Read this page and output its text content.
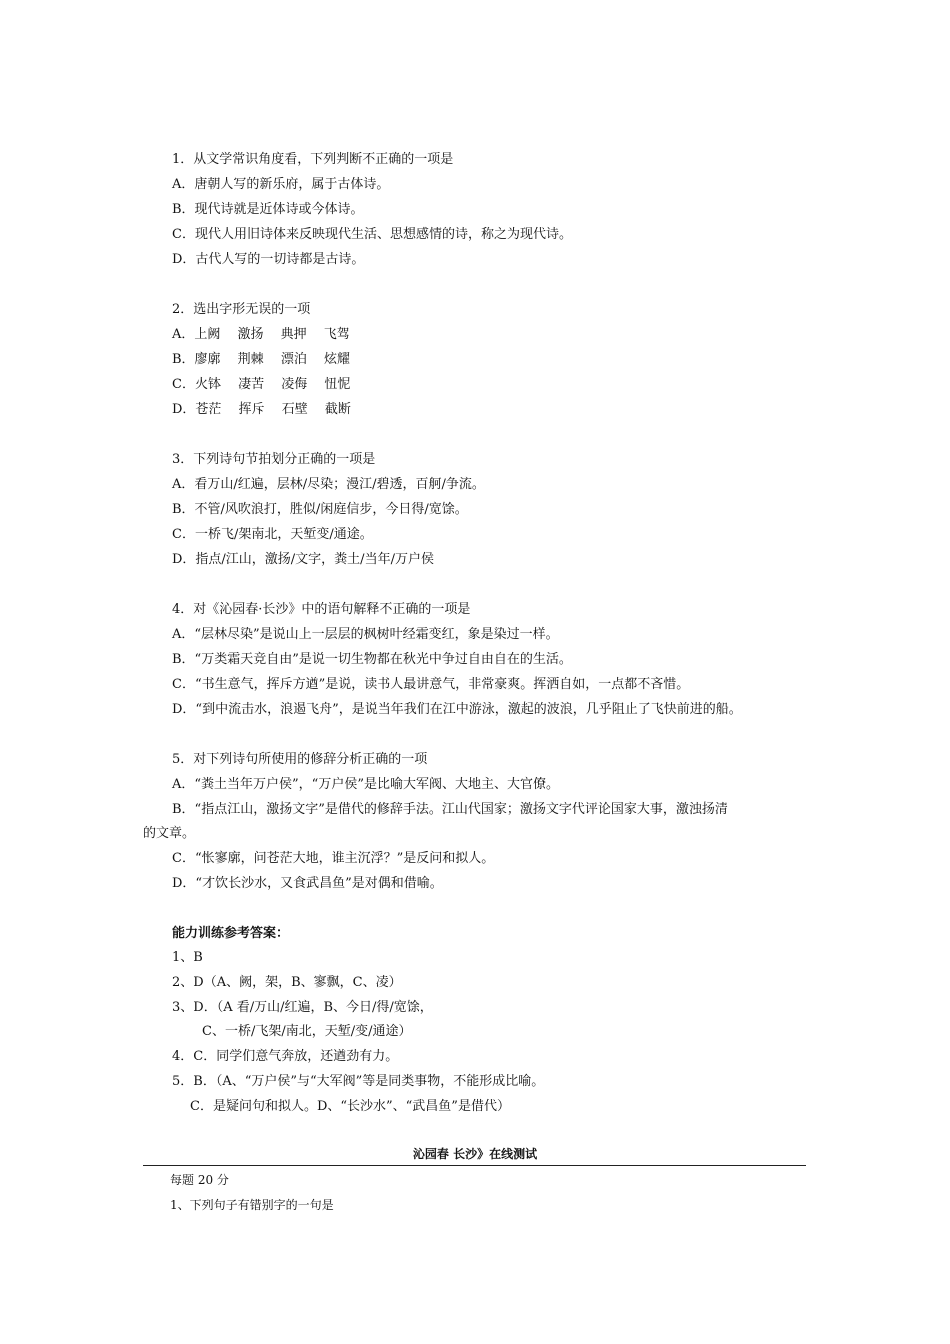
1．从文学常识角度看，下列判断不正确的一项是
A．唐朝人写的新乐府，属于古体诗。
B．现代诗就是近体诗或今体诗。
C．现代人用旧诗体来反映现代生活、思想感情的诗，称之为现代诗。
D．古代人写的一切诗都是古诗。
2．选出字形无误的一项
A．上阙　 激扬　 典押　 飞驾
B．廖廓　 荆棘　 漂泊　 炫耀
C．火钵　 凄苦　 凌侮　 忸怩
D．苍茫　 挥斥　 石壁　 截断
3．下列诗句节拍划分正确的一项是
A．看万山/红遍，层林/尽染；漫江/碧透，百舸/争流。
B．不管/风吹浪打，胜似/闲庭信步，今日得/宽馀。
C．一桥飞/架南北，天堑变/通途。
D．指点/江山，激扬/文字，粪土/当年/万户侯
4．对《沁园春·长沙》中的语句解释不正确的一项是
A．“层林尽染”是说山上一层层的枫树叶经霜变红，象是染过一样。
B．“万类霜天竞自由”是说一切生物都在秋光中争过自由自在的生活。
C．“书生意气，挥斥方遒”是说，读书人最讲意气，非常豪爽。挥洒自如，一点都不吝惜。
D．“到中流击水，浪遏飞舟”，是说当年我们在江中游泳，激起的波浪，几乎阻止了飞快前进的船。
5．对下列诗句所使用的修辞分析正确的一项
A．“粪土当年万户侯”，“万户侯”是比喻大军阀、大地主、大官僚。
B．“指点江山，激扬文字”是借代的修辞手法。江山代国家；激扬文字代评论国家大事，激浊扬清
的文章。
C．“怅寥廓，问苍茫大地，谁主沉浮？”是反问和拟人。
D．“才饮长沙水，又食武昌鱼”是对偶和借喻。
能力训练参考答案：
1、B
2、D（A、阙，架，B、寥飘，C、凌）
3、D．（A 看/万山/红遍，B、今日/得/宽馀，
C、一桥/飞架/南北，天堑/变/通途）
4．C．同学们意气奔放，还遒劲有力。
5．B．（A、“万户侯”与“大军阀”等是同类事物，不能形成比喻。
C．是疑问句和拟人。D、“长沙水”、“武昌鱼”是借代）
沁园春 长沙》在线测试
每题 20 分
1、下列句子有错别字的一句是
